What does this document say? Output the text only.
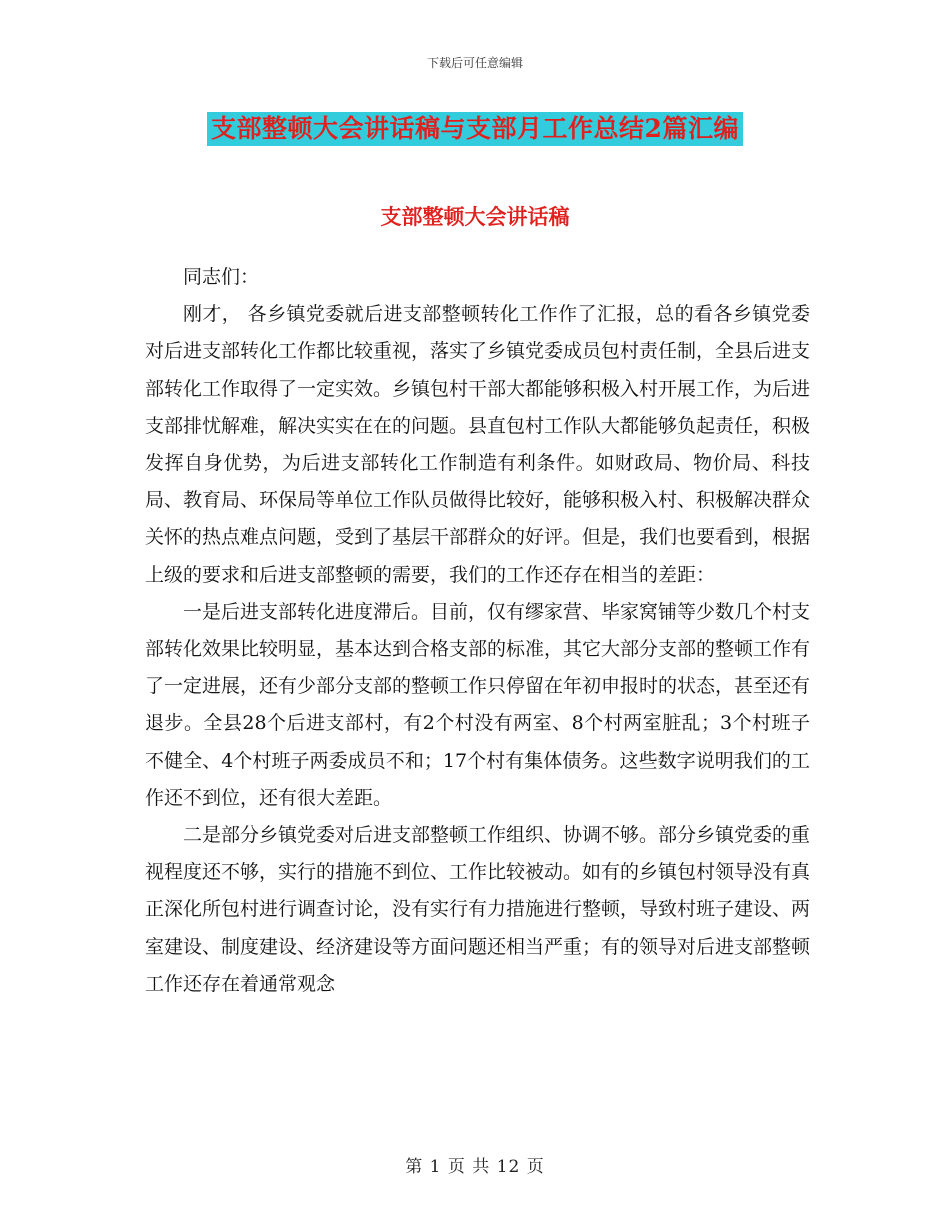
下载后可任意编辑
支部整顿大会讲话稿与支部月工作总结2篇汇编
支部整顿大会讲话稿

同志们：

刚才， 各乡镇党委就后进支部整顿转化工作作了汇报，总的看各乡镇党委对后进支部转化工作都比较重视，落实了乡镇党委成员包村责任制，全县后进支部转化工作取得了一定实效。乡镇包村干部大都能够积极入村开展工作，为后进支部排忧解难，解决实实在在的问题。县直包村工作队大都能够负起责任，积极发挥自身优势，为后进支部转化工作制造有利条件。如财政局、物价局、科技局、教育局、环保局等单位工作队员做得比较好，能够积极入村、积极解决群众关怀的热点难点问题，受到了基层干部群众的好评。但是，我们也要看到，根据上级的要求和后进支部整顿的需要，我们的工作还存在相当的差距：

一是后进支部转化进度滞后。目前，仅有缪家营、毕家窝铺等少数几个村支部转化效果比较明显，基本达到合格支部的标准，其它大部分支部的整顿工作有了一定进展，还有少部分支部的整顿工作只停留在年初申报时的状态，甚至还有退步。全县28个后进支部村，有2个村没有两室、8个村两室脏乱；3个村班子不健全、4个村班子两委成员不和；17个村有集体债务。这些数字说明我们的工作还不到位，还有很大差距。

二是部分乡镇党委对后进支部整顿工作组织、协调不够。部分乡镇党委的重视程度还不够，实行的措施不到位、工作比较被动。如有的乡镇包村领导没有真正深化所包村进行调查讨论，没有实行有力措施进行整顿，导致村班子建设、两室建设、制度建设、经济建设等方面问题还相当严重；有的领导对后进支部整顿工作还存在着通常观念

第 1 页 共 12 页
